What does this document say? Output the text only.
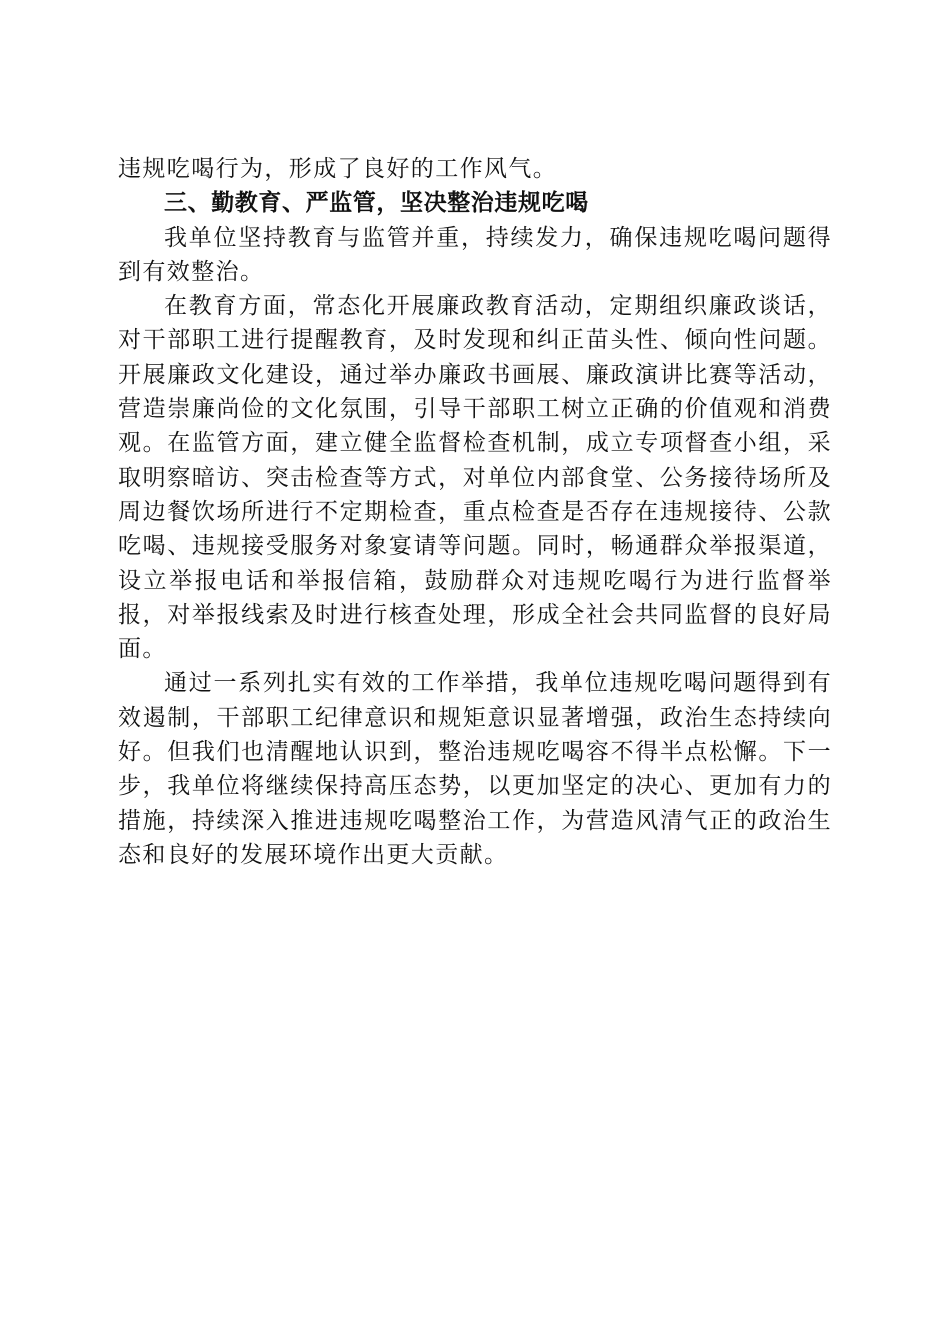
违规吃喝行为，形成了良好的工作风气。

三、勤教育、严监管，坚决整治违规吃喝

我单位坚持教育与监管并重，持续发力，确保违规吃喝问题得到有效整治。

在教育方面，常态化开展廉政教育活动，定期组织廉政谈话，对干部职工进行提醒教育，及时发现和纠正苗头性、倾向性问题。开展廉政文化建设，通过举办廉政书画展、廉政演讲比赛等活动，营造崇廉尚俭的文化氛围，引导干部职工树立正确的价值观和消费观。在监管方面，建立健全监督检查机制，成立专项督查小组，采取明察暗访、突击检查等方式，对单位内部食堂、公务接待场所及周边餐饮场所进行不定期检查，重点检查是否存在违规接待、公款吃喝、违规接受服务对象宴请等问题。同时，畅通群众举报渠道，设立举报电话和举报信箱，鼓励群众对违规吃喝行为进行监督举报，对举报线索及时进行核查处理，形成全社会共同监督的良好局面。

通过一系列扎实有效的工作举措，我单位违规吃喝问题得到有效遏制，干部职工纪律意识和规矩意识显著增强，政治生态持续向好。但我们也清醒地认识到，整治违规吃喝容不得半点松懈。下一步，我单位将继续保持高压态势，以更加坚定的决心、更加有力的措施，持续深入推进违规吃喝整治工作，为营造风清气正的政治生态和良好的发展环境作出更大贡献。
